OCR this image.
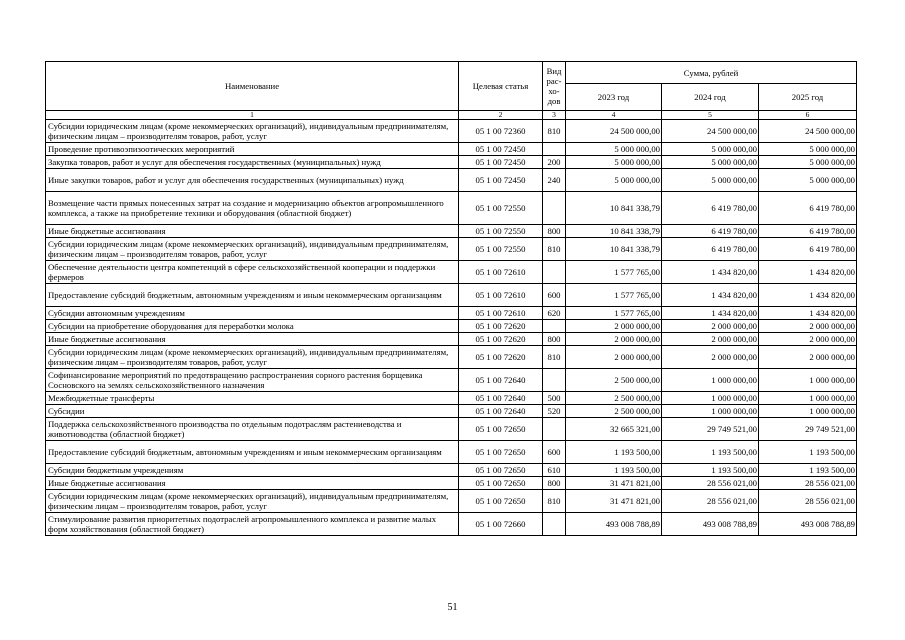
Наименование	Целевая статья	Вид рас-хо-дов	Сумма, рублей		
			2023 год	2024 год	2025 год
1	2	3	4	5	6
Субсидии юридическим лицам (кроме некоммерческих организаций), индивидуальным предпринимателям, физическим лицам – производителям товаров, работ, услуг	05 1 00 72360	810	24 500 000,00	24 500 000,00	24 500 000,00
Проведение противоэпизоотических мероприятий	05 1 00 72450		5 000 000,00	5 000 000,00	5 000 000,00
Закупка товаров, работ и услуг для обеспечения государственных (муниципальных) нужд	05 1 00 72450	200	5 000 000,00	5 000 000,00	5 000 000,00
Иные закупки товаров, работ и услуг для обеспечения государственных (муниципальных) нужд	05 1 00 72450	240	5 000 000,00	5 000 000,00	5 000 000,00
Возмещение части прямых понесенных затрат на создание и модернизацию объектов агропромышленного комплекса, а также на приобретение техники и оборудования (областной бюджет)	05 1 00 72550		10 841 338,79	6 419 780,00	6 419 780,00
Иные бюджетные ассигнования	05 1 00 72550	800	10 841 338,79	6 419 780,00	6 419 780,00
Субсидии юридическим лицам (кроме некоммерческих организаций), индивидуальным предпринимателям, физическим лицам – производителям товаров, работ, услуг	05 1 00 72550	810	10 841 338,79	6 419 780,00	6 419 780,00
Обеспечение деятельности центра компетенций в сфере сельскохозяйственной кооперации и поддержки фермеров	05 1 00 72610		1 577 765,00	1 434 820,00	1 434 820,00
Предоставление субсидий бюджетным, автономным учреждениям и иным некоммерческим организациям	05 1 00 72610	600	1 577 765,00	1 434 820,00	1 434 820,00
Субсидии автономным учреждениям	05 1 00 72610	620	1 577 765,00	1 434 820,00	1 434 820,00
Субсидии на приобретение оборудования для переработки молока	05 1 00 72620		2 000 000,00	2 000 000,00	2 000 000,00
Иные бюджетные ассигнования	05 1 00 72620	800	2 000 000,00	2 000 000,00	2 000 000,00
Субсидии юридическим лицам (кроме некоммерческих организаций), индивидуальным предпринимателям, физическим лицам – производителям товаров, работ, услуг	05 1 00 72620	810	2 000 000,00	2 000 000,00	2 000 000,00
Софинансирование мероприятий по предотвращению распространения сорного растения борщевика Сосновского на землях сельскохозяйственного назначения	05 1 00 72640		2 500 000,00	1 000 000,00	1 000 000,00
Межбюджетные трансферты	05 1 00 72640	500	2 500 000,00	1 000 000,00	1 000 000,00
Субсидии	05 1 00 72640	520	2 500 000,00	1 000 000,00	1 000 000,00
Поддержка сельскохозяйственного производства по отдельным подотраслям растениеводства и животноводства (областной бюджет)	05 1 00 72650		32 665 321,00	29 749 521,00	29 749 521,00
Предоставление субсидий бюджетным, автономным учреждениям и иным некоммерческим организациям	05 1 00 72650	600	1 193 500,00	1 193 500,00	1 193 500,00
Субсидии бюджетным учреждениям	05 1 00 72650	610	1 193 500,00	1 193 500,00	1 193 500,00
Иные бюджетные ассигнования	05 1 00 72650	800	31 471 821,00	28 556 021,00	28 556 021,00
Субсидии юридическим лицам (кроме некоммерческих организаций), индивидуальным предпринимателям, физическим лицам – производителям товаров, работ, услуг	05 1 00 72650	810	31 471 821,00	28 556 021,00	28 556 021,00
Стимулирование развития приоритетных подотраслей агропромышленного комплекса и развитие малых форм хозяйствования (областной бюджет)	05 1 00 72660		493 008 788,89	493 008 788,89	493 008 788,89
51
